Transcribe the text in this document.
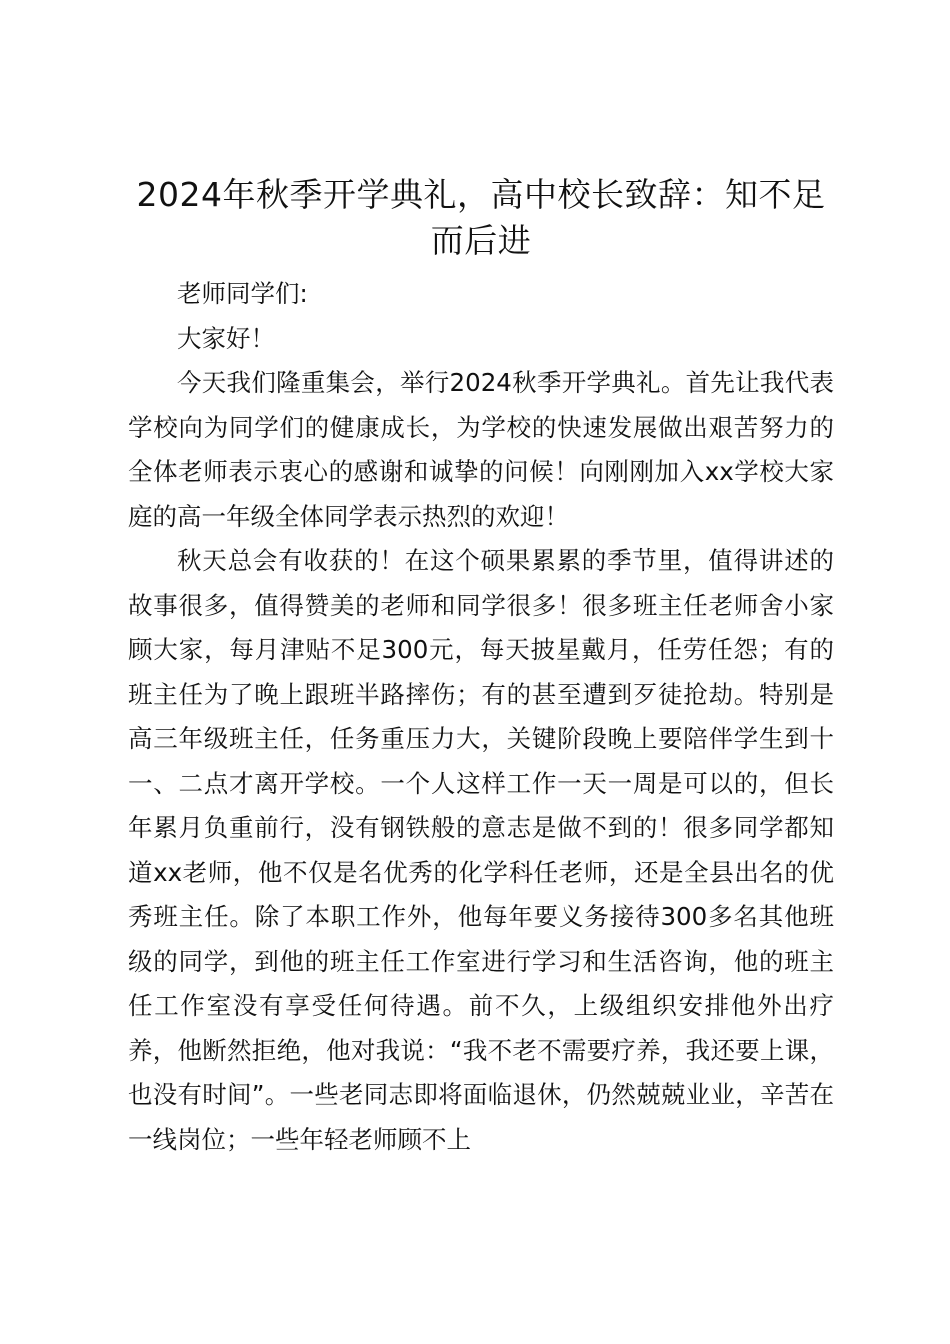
2024年秋季开学典礼，高中校长致辞：知不足而后进

老师同学们:

大家好！

今天我们隆重集会，举行2024秋季开学典礼。首先让我代表学校向为同学们的健康成长，为学校的快速发展做出艰苦努力的全体老师表示衷心的感谢和诚挚的问候！向刚刚加入xx学校大家庭的高一年级全体同学表示热烈的欢迎！

秋天总会有收获的！在这个硕果累累的季节里，值得讲述的故事很多，值得赞美的老师和同学很多！很多班主任老师舍小家顾大家，每月津贴不足300元，每天披星戴月，任劳任怨；有的班主任为了晚上跟班半路摔伤；有的甚至遭到歹徒抢劫。特别是高三年级班主任，任务重压力大，关键阶段晚上要陪伴学生到十一、二点才离开学校。一个人这样工作一天一周是可以的，但长年累月负重前行，没有钢铁般的意志是做不到的！很多同学都知道xx老师，他不仅是名优秀的化学科任老师，还是全县出名的优秀班主任。除了本职工作外，他每年要义务接待300多名其他班级的同学，到他的班主任工作室进行学习和生活咨询，他的班主任工作室没有享受任何待遇。前不久，上级组织安排他外出疗养，他断然拒绝，他对我说：“我不老不需要疗养，我还要上课，也没有时间”。一些老同志即将面临退休，仍然兢兢业业，辛苦在一线岗位；一些年轻老师顾不上
